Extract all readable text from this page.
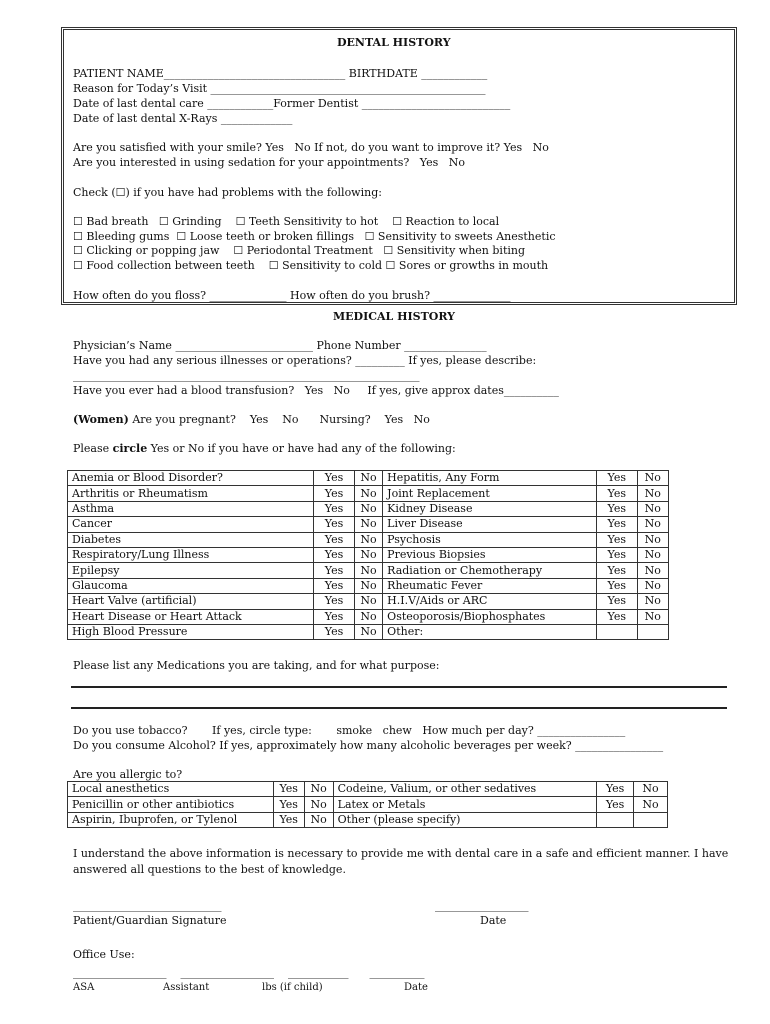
DENTAL HISTORY
PATIENT NAME_________________________________ BIRTHDATE ____________
Reason for Today’s Visit __________________________________________________
Date of last dental care ____________Former Dentist ___________________________
Date of last dental X-Rays _____________
Are you satisfied with your smile? Yes   No If not, do you want to improve it? Yes   No
Are you interested in using sedation for your appointments?   Yes   No
Check (☐) if you have had problems with the following:
☐ Bad breath   ☐ Grinding    ☐ Teeth Sensitivity to hot    ☐ Reaction to local
☐ Bleeding gums  ☐ Loose teeth or broken fillings   ☐ Sensitivity to sweets Anesthetic
☐ Clicking or popping jaw    ☐ Periodontal Treatment   ☐ Sensitivity when biting
☐ Food collection between teeth    ☐ Sensitivity to cold ☐ Sores or growths in mouth
How often do you floss? ______________ How often do you brush? ______________
MEDICAL HISTORY
Physician’s Name _________________________ Phone Number _______________
Have you had any serious illnesses or operations? _________ If yes, please describe:
_______________________________________________________________
Have you ever had a blood transfusion?   Yes   No     If yes, give approx dates__________
(Women) Are you pregnant?    Yes    No      Nursing?    Yes   No
Please circle Yes or No if you have or have had any of the following:
Anemia or Blood Disorder?	Yes	No	Hepatitis, Any Form	Yes	No
Arthritis or Rheumatism	Yes	No	Joint Replacement	Yes	No
Asthma	Yes	No	Kidney Disease	Yes	No
Cancer	Yes	No	Liver Disease	Yes	No
Diabetes	Yes	No	Psychosis	Yes	No
Respiratory/Lung Illness	Yes	No	Previous Biopsies	Yes	No
Epilepsy	Yes	No	Radiation or Chemotherapy	Yes	No
Glaucoma	Yes	No	Rheumatic Fever	Yes	No
Heart Valve (artificial)	Yes	No	H.I.V/Aids or ARC	Yes	No
Heart Disease or Heart Attack	Yes	No	Osteoporosis/Biophosphates	Yes	No
High Blood Pressure	Yes	No	Other:		
Please list any Medications you are taking, and for what purpose:
Do you use tobacco?       If yes, circle type:       smoke   chew   How much per day? ________________
Do you consume Alcohol? If yes, approximately how many alcoholic beverages per week? ________________
Are you allergic to?
Local anesthetics	Yes	No	Codeine, Valium, or other sedatives	Yes	No
Penicillin or other antibiotics	Yes	No	Latex or Metals	Yes	No
Aspirin, Ibuprofen, or Tylenol	Yes	No	Other (please specify)		
I understand the above information is necessary to provide me with dental care in a safe and efficient manner. I have
answered all questions to the best of knowledge.
___________________________	_________________
Patient/Guardian Signature	Date
Office Use:
_________________    _________________    ___________      __________
ASA	Assistant	lbs (if child)	Date
